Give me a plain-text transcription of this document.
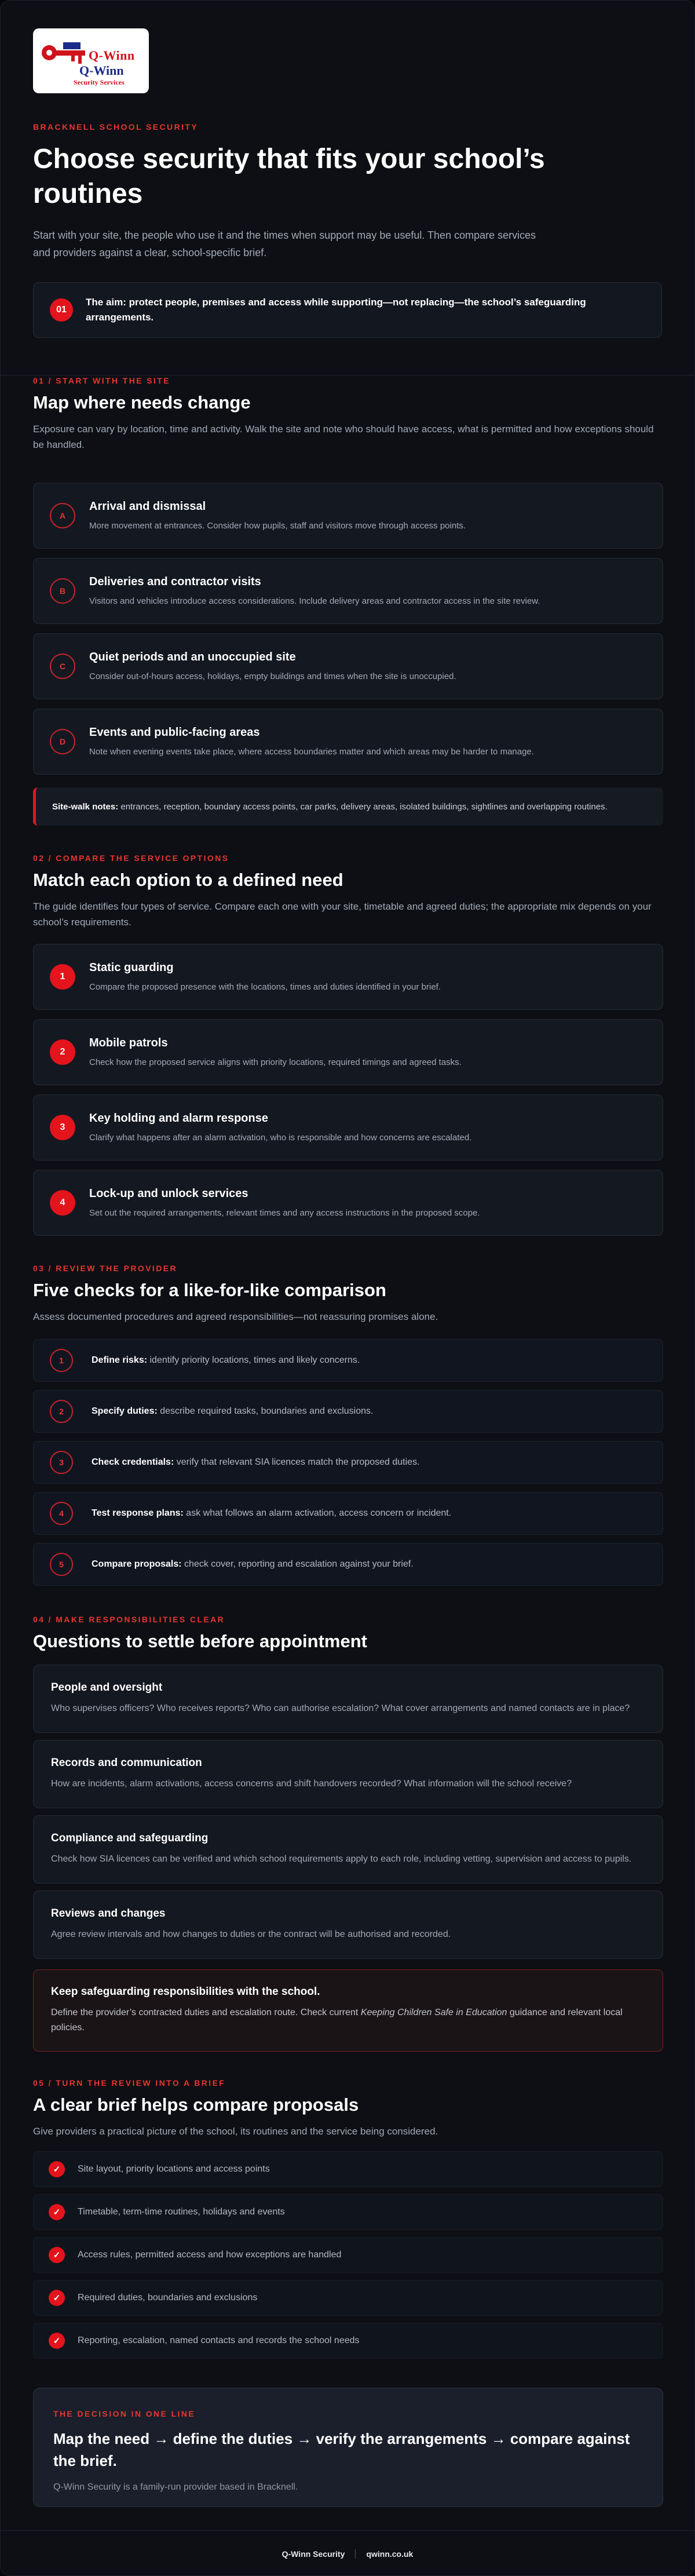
Q-Winn
Q-Winn
Security Services
BRACKNELL SCHOOL SECURITY
Choose security that fits your school’s routines

Start with your site, the people who use it and the times when support may be useful. Then compare services and providers against a clear, school-specific brief.

01
The aim: protect people, premises and access while supporting—not replacing—the school’s safeguarding arrangements.
01 / START WITH THE SITE
Map where needs change

Exposure can vary by location, time and activity. Walk the site and note who should have access, what is permitted and how exceptions should be handled.

A
Arrival and dismissal
More movement at entrances. Consider how pupils, staff and visitors move through access points.
B
Deliveries and contractor visits
Visitors and vehicles introduce access considerations. Include delivery areas and contractor access in the site review.
C
Quiet periods and an unoccupied site
Consider out-of-hours access, holidays, empty buildings and times when the site is unoccupied.
D
Events and public-facing areas
Note when evening events take place, where access boundaries matter and which areas may be harder to manage.
Site-walk notes: entrances, reception, boundary access points, car parks, delivery areas, isolated buildings, sightlines and overlapping routines.
02 / COMPARE THE SERVICE OPTIONS
Match each option to a defined need

The guide identifies four types of service. Compare each one with your site, timetable and agreed duties; the appropriate mix depends on your school’s requirements.

1
Static guarding
Compare the proposed presence with the locations, times and duties identified in your brief.
2
Mobile patrols
Check how the proposed service aligns with priority locations, required timings and agreed tasks.
3
Key holding and alarm response
Clarify what happens after an alarm activation, who is responsible and how concerns are escalated.
4
Lock-up and unlock services
Set out the required arrangements, relevant times and any access instructions in the proposed scope.
03 / REVIEW THE PROVIDER
Five checks for a like-for-like comparison

Assess documented procedures and agreed responsibilities—not reassuring promises alone.

1	Define risks: identify priority locations, times and likely concerns.
2	Specify duties: describe required tasks, boundaries and exclusions.
3	Check credentials: verify that relevant SIA licences match the proposed duties.
4	Test response plans: ask what follows an alarm activation, access concern or incident.
5	Compare proposals: check cover, reporting and escalation against your brief.
04 / MAKE RESPONSIBILITIES CLEAR
Questions to settle before appointment
People and oversight
Who supervises officers? Who receives reports? Who can authorise escalation? What cover arrangements and named contacts are in place?
Records and communication
How are incidents, alarm activations, access concerns and shift handovers recorded? What information will the school receive?
Compliance and safeguarding
Check how SIA licences can be verified and which school requirements apply to each role, including vetting, supervision and access to pupils.
Reviews and changes
Agree review intervals and how changes to duties or the contract will be authorised and recorded.
Keep safeguarding responsibilities with the school.
Define the provider’s contracted duties and escalation route. Check current Keeping Children Safe in Education guidance and relevant local policies.
05 / TURN THE REVIEW INTO A BRIEF
A clear brief helps compare proposals

Give providers a practical picture of the school, its routines and the service being considered.

✓	Site layout, priority locations and access points
✓	Timetable, term-time routines, holidays and events
✓	Access rules, permitted access and how exceptions are handled
✓	Required duties, boundaries and exclusions
✓	Reporting, escalation, named contacts and records the school needs
THE DECISION IN ONE LINE
Map the need → define the duties → verify the arrangements → compare against the brief.

Q-Winn Security is a family-run provider based in Bracknell.

Q-Winn Security	qwinn.co.uk
